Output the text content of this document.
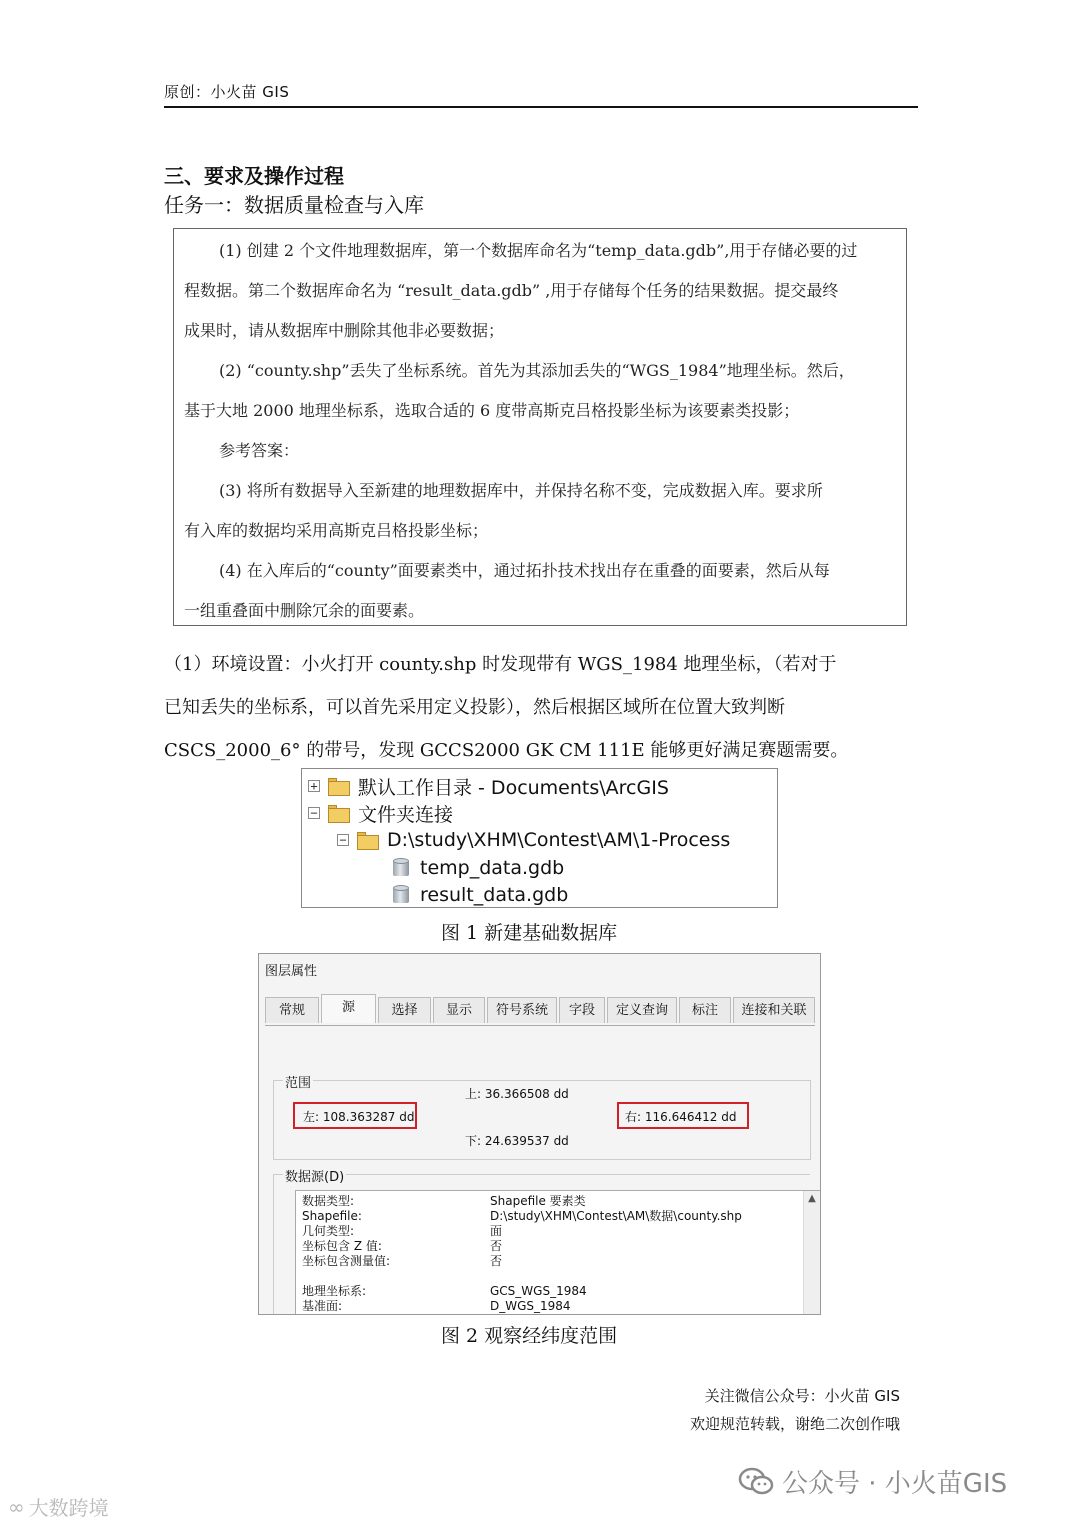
原创：小火苗 GIS
三、要求及操作过程
任务一：数据质量检查与入库
(1) 创建 2 个文件地理数据库，第一个数据库命名为“temp_data.gdb”,用于存储必要的过
程数据。第二个数据库命名为 “result_data.gdb” ,用于存储每个任务的结果数据。提交最终
成果时，请从数据库中删除其他非必要数据；
(2) “county.shp”丢失了坐标系统。首先为其添加丢失的“WGS_1984”地理坐标。然后，
基于大地 2000 地理坐标系，选取合适的 6 度带高斯克吕格投影坐标为该要素类投影；
参考答案：
(3) 将所有数据导入至新建的地理数据库中，并保持名称不变，完成数据入库。要求所
有入库的数据均采用高斯克吕格投影坐标；
(4) 在入库后的“county”面要素类中，通过拓扑技术找出存在重叠的面要素，然后从每
一组重叠面中删除冗余的面要素。
（1）环境设置：小火打开 county.shp 时发现带有 WGS_1984 地理坐标，（若对于
已知丢失的坐标系，可以首先采用定义投影），然后根据区域所在位置大致判断
CSCS_2000_6° 的带号，发现 GCCS2000 GK CM 111E 能够更好满足赛题需要。
+ 默认工作目录 - Documents\ArcGIS
− 文件夹连接
− D:\study\XHM\Contest\AM\1-Process
temp_data.gdb
result_data.gdb
图 1 新建基础数据库
图层属性
常规	源	选择	显示	符号系统	字段	定义查询	标注	连接和关联
范围
上: 36.366508 dd
左: 108.363287 dd	右: 116.646412 dd
下: 24.639537 dd
数据源(D)
数据类型:	Shapefile 要素类
Shapefile:	D:\study\XHM\Contest\AM\数据\county.shp
几何类型:	面
坐标包含 Z 值:	否
坐标包含测量值:	否
地理坐标系:	GCS_WGS_1984
基准面:	D_WGS_1984
▲
图 2 观察经纬度范围
关注微信公众号：小火苗 GIS
欢迎规范转载，谢绝二次创作哦
公众号 · 小火苗GIS
∞ 大数跨境
